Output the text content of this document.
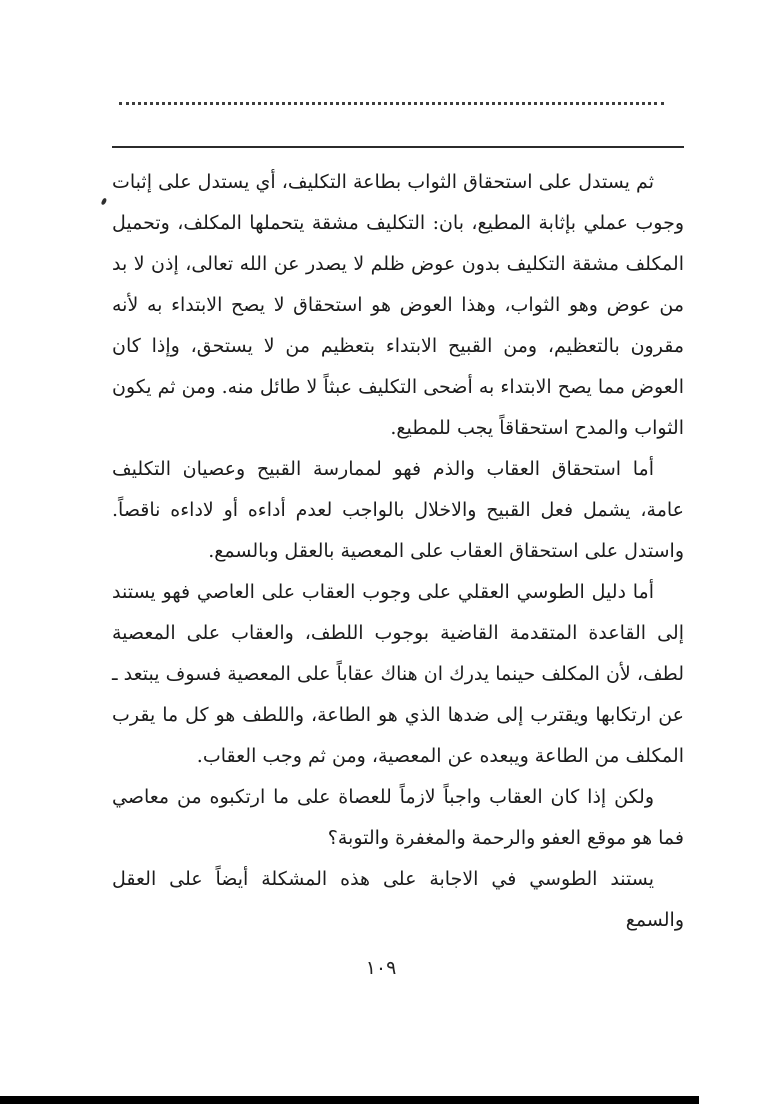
ثم يستدل على استحقاق الثواب بطاعة التكليف، أي يستدل على إثبات وجوب عملي بإثابة المطيع، بان: التكليف مشقة يتحملها المكلف، وتحميل المكلف مشقة التكليف بدون عوض ظلم لا يصدر عن الله تعالى، إذن لا بد من عوض وهو الثواب، وهذا العوض هو استحقاق لا يصح الابتداء به لأنه مقرون بالتعظيم، ومن القبيح الابتداء بتعظيم من لا يستحق، وإذا كان العوض مما يصح الابتداء به أضحى التكليف عبثاً لا طائل منه. ومن ثم يكون الثواب والمدح استحقاقاً يجب للمطيع.

أما استحقاق العقاب والذم فهو لممارسة القبيح وعصيان التكليف عامة، يشمل فعل القبيح والاخلال بالواجب لعدم أداءه أو لاداءه ناقصاً. واستدل على استحقاق العقاب على المعصية بالعقل وبالسمع.

أما دليل الطوسي العقلي على وجوب العقاب على العاصي فهو يستند إلى القاعدة المتقدمة القاضية بوجوب اللطف، والعقاب على المعصية لطف، لأن المكلف حينما يدرك ان هناك عقاباً على المعصية فسوف يبتعد ـ عن ارتكابها ويقترب إلى ضدها الذي هو الطاعة، واللطف هو كل ما يقرب المكلف من الطاعة ويبعده عن المعصية، ومن ثم وجب العقاب.

ولكن إذا كان العقاب واجباً لازماً للعصاة على ما ارتكبوه من معاصي فما هو موقع العفو والرحمة والمغفرة والتوبة؟

يستند الطوسي في الاجابة على هذه المشكلة أيضاً على العقل والسمع

١٠٩
